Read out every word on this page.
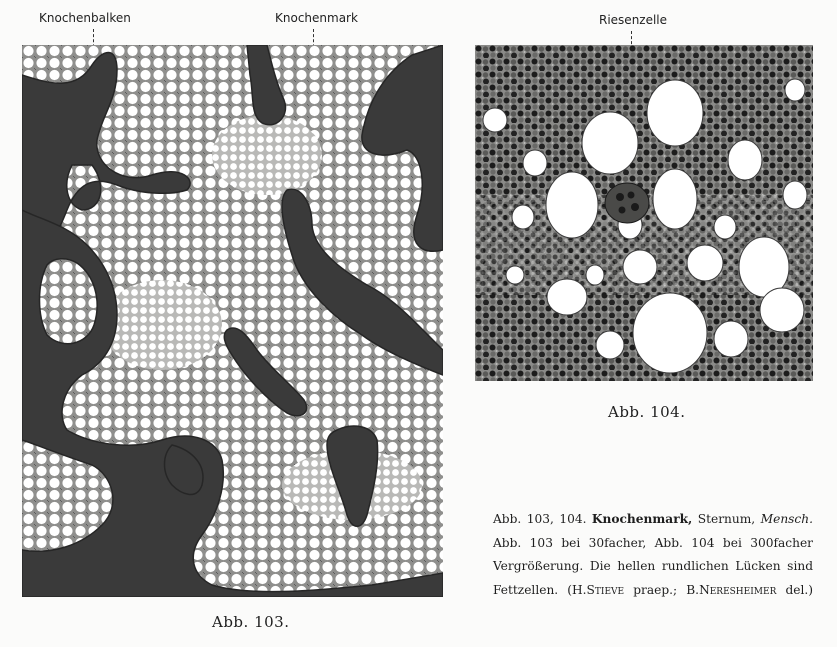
Knochenbalken	Knochenmark	Riesenzelle
Abb. 103.
Abb. 104.
Abb. 103, 104. Knochenmark, Sternum, Mensch.
Abb. 103 bei 30facher, Abb. 104 bei 300facher
Vergrößerung. Die hellen rundlichen Lücken sind
Fettzellen. (H.Stieve praep.; B.Neresheimer del.)
